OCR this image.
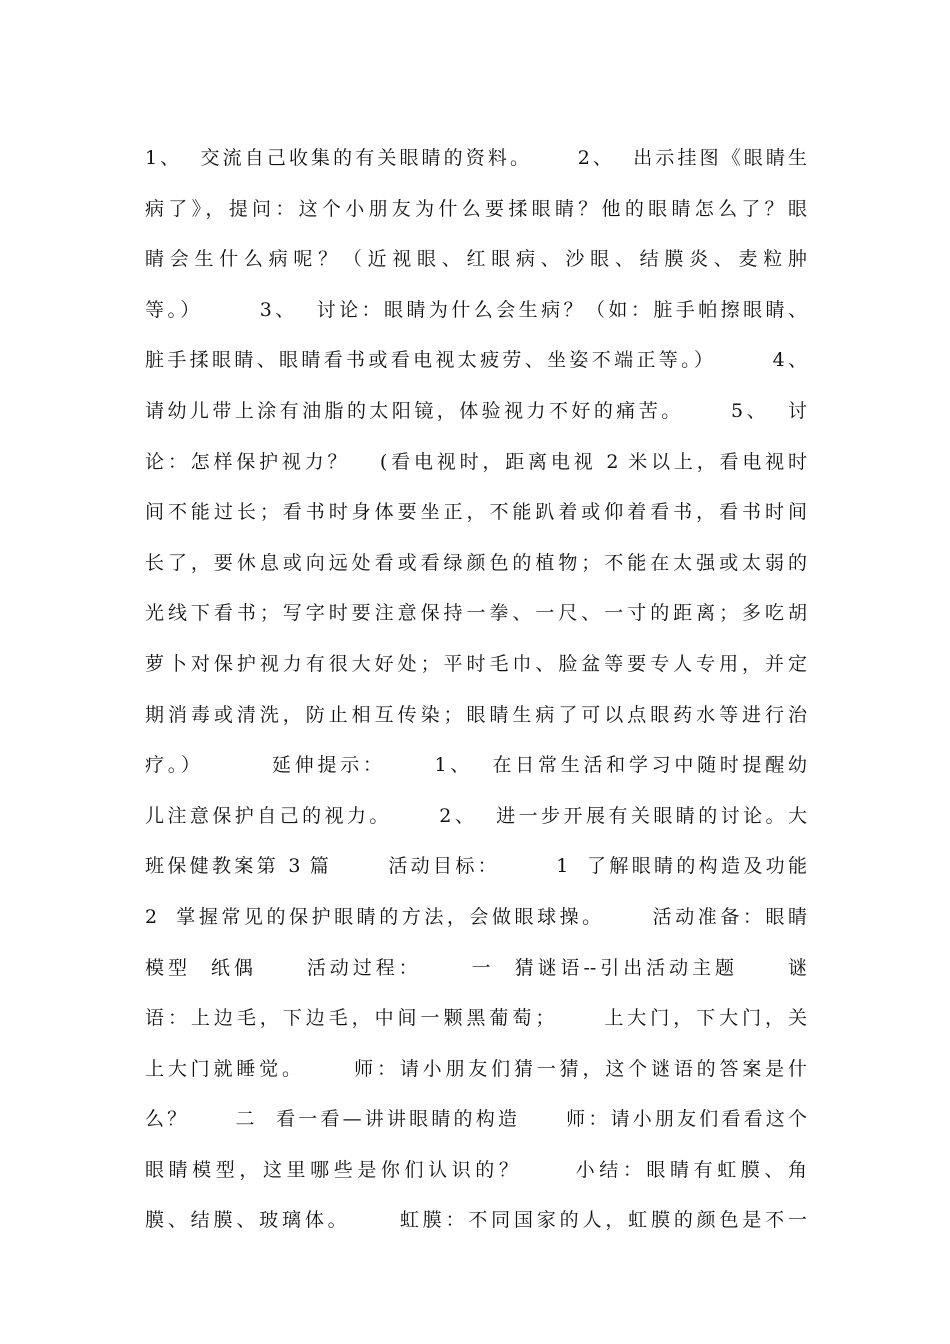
1、  交流自己收集的有关眼睛的资料。     2、  出示挂图《眼睛生
病了》，提问：这个小朋友为什么要揉眼睛？他的眼睛怎么了？眼
睛会生什么病呢？（近视眼、红眼病、沙眼、结膜炎、麦粒肿
等。）      3、  讨论：眼睛为什么会生病？（如：脏手帕擦眼睛、
脏手揉眼睛、眼睛看书或看电视太疲劳、坐姿不端正等。）      4、
请幼儿带上涂有油脂的太阳镜，体验视力不好的痛苦。     5、  讨
论：怎样保护视力？   (看电视时，距离电视 2 米以上，看电视时
间不能过长；看书时身体要坐正，不能趴着或仰着看书，看书时间
长了，要休息或向远处看或看绿颜色的植物；不能在太强或太弱的
光线下看书；写字时要注意保持一拳、一尺、一寸的距离；多吃胡
萝卜对保护视力有很大好处；平时毛巾、脸盆等要专人专用，并定
期消毒或清洗，防止相互传染；眼睛生病了可以点眼药水等进行治
疗。）       延伸提示：     1、  在日常生活和学习中随时提醒幼
儿注意保护自己的视力。     2、  进一步开展有关眼睛的讨论。大
班保健教案第 3 篇      活动目标：      1  了解眼睛的构造及功能
2  掌握常见的保护眼睛的方法，会做眼球操。     活动准备：眼睛
模型  纸偶     活动过程：     一  猜谜语--引出活动主题     谜
语：上边毛，下边毛，中间一颗黑葡萄；     上大门，下大门，关
上大门就睡觉。     师：请小朋友们猜一猜，这个谜语的答案是什
么？     二  看一看—讲讲眼睛的构造     师：请小朋友们看看这个
眼睛模型，这里哪些是你们认识的？     小结：眼睛有虹膜、角
膜、结膜、玻璃体。     虹膜：不同国家的人，虹膜的颜色是不一
